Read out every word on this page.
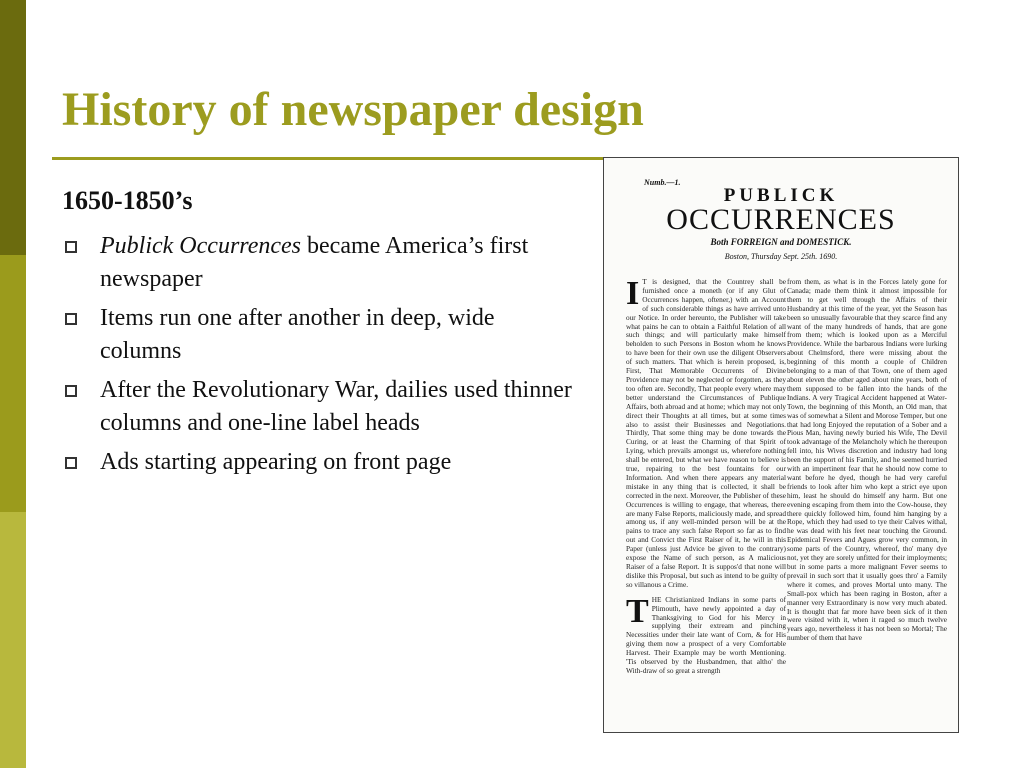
History of newspaper design
1650-1850’s
Publick Occurrences became America’s first newspaper
Items run one after another in deep, wide columns
After the Revolutionary War, dailies used thinner columns and one-line label heads
Ads starting appearing on front page
Numb.—1.
PUBLICK
OCCURRENCES
Both FORREIGN and DOMESTICK.
Boston, Thursday Sept. 25th. 1690.

I T is designed, that the Countrey shall be furnished once a moneth (or if any Glut of Occurrences happen, oftener,) with an Account of such considerable things as have arrived unto our Notice. In order hereunto, the Publisher will take what pains he can to obtain a Faithful Relation of all such things; and will particularly make himself beholden to such Persons in Boston whom he knows to have been for their own use the diligent Observers of such matters. That which is herein proposed, is, First, That Memorable Occurrents of Divine Providence may not be neglected or forgotten, as they too often are. Secondly, That people every where may better understand the Circumstances of Publique Affairs, both abroad and at home; which may not only direct their Thoughts at all times, but at some times also to assist their Businesses and Negotiations. Thirdly, That some thing may be done towards the Curing, or at least the Charming of that Spirit of Lying, which prevails amongst us, wherefore nothing shall be entered, but what we have reason to believe is true, repairing to the best fountains for our Information. And when there appears any material mistake in any thing that is collected, it shall be corrected in the next. Moreover, the Publisher of these Occurrences is willing to engage, that whereas, there are many False Reports, maliciously made, and spread among us, if any well-minded person will be at the pains to trace any such false Report so far as to find out and Convict the First Raiser of it, he will in this Paper (unless just Advice be given to the contrary) expose the Name of such person, as A malicious Raiser of a false Report. It is suppos'd that none will dislike this Proposal, but such as intend to be guilty of so villanous a Crime.

THE Christianized Indians in some parts of Plimouth, have newly appointed a day of Thanksgiving to God for his Mercy in supplying their extream and pinching Necessities under their late want of Corn, & for His giving them now a prospect of a very Comfortable Harvest. Their Example may be worth Mentioning. 'Tis observed by the Husbandmen, that altho' the With-draw of so great a strength

from them, as what is in the Forces lately gone for Canada; made them think it almost impossible for them to get well through the Affairs of their Husbandry at this time of the year, yet the Season has been so unusually favourable that they scarce find any want of the many hundreds of hands, that are gone from them; which is looked upon as a Merciful Providence. While the barbarous Indians were lurking about Chelmsford, there were missing about the beginning of this month a couple of Children belonging to a man of that Town, one of them aged about eleven the other aged about nine years, both of them supposed to be fallen into the hands of the Indians. A very Tragical Accident happened at Water-Town, the beginning of this Month, an Old man, that was of somewhat a Silent and Morose Temper, but one that had long Enjoyed the reputation of a Sober and a Pious Man, having newly buried his Wife, The Devil took advantage of the Melancholy which he thereupon fell into, his Wives discretion and industry had long been the support of his Family, and he seemed hurried with an impertinent fear that he should now come to want before he dyed, though he had very careful friends to look after him who kept a strict eye upon him, least he should do himself any harm. But one evening escaping from them into the Cow-house, they there quickly followed him, found him hanging by a Rope, which they had used to tye their Calves withal, he was dead with his feet near touching the Ground. Epidemical Fevers and Agues grow very common, in some parts of the Country, whereof, tho' many dye not, yet they are sorely unfitted for their imployments; but in some parts a more malignant Fever seems to prevail in such sort that it usually goes thro' a Family where it comes, and proves Mortal unto many. The Small-pox which has been raging in Boston, after a manner very Extraordinary is now very much abated. It is thought that far more have been sick of it then were visited with it, when it raged so much twelve years ago, nevertheless it has not been so Mortal; The number of them that have
